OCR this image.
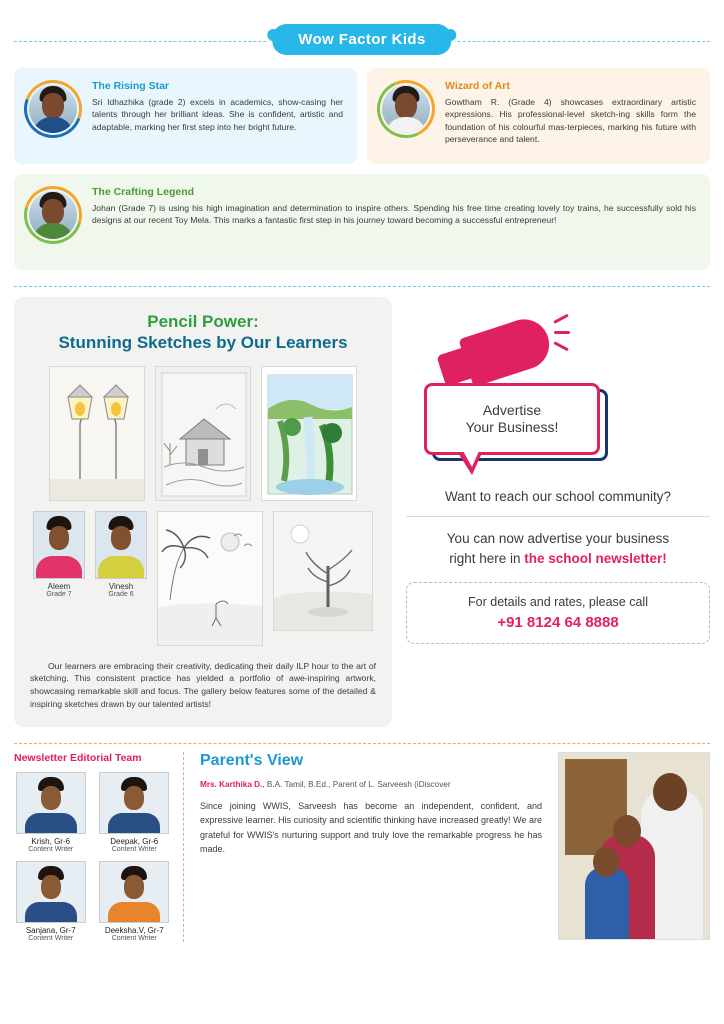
Wow Factor Kids
The Rising Star

Sri Idhazhika (grade 2) excels in academics, show-casing her talents through her brilliant ideas. She is confident, artistic and adaptable, marking her first step into her bright future.

Wizard of Art

Gowtham R. (Grade 4) showcases extraordinary artistic expressions. His professional-level sketch-ing skills form the foundation of his colourful mas-terpieces, marking his future with perseverance and talent.

The Crafting Legend

Johan (Grade 7) is using his high imagination and determination to inspire others. Spending his free time creating lovely toy trains, he successfully sold his designs at our recent Toy Mela. This marks a fantastic first step in his journey toward becoming a successful entrepreneur!

Pencil Power:
Stunning Sketches by Our Learners
Aleem
Grade 7
Vinesh
Grade 6

Our learners are embracing their creativity, dedicating their daily ILP hour to the art of sketching. This consistent practice has yielded a portfolio of awe-inspiring artwork, showcasing remarkable skill and focus. The gallery below features some of the detailed & inspiring sketches drawn by our talented artists!

Advertise
Your Business!
Want to reach our school community?
You can now advertise your business
right here in the school newsletter!
For details and rates, please call
+91 8124 64 8888
Newsletter Editorial Team
Krish, Gr-6
Content Writer
Deepak, Gr-6
Content Writer
Sanjana, Gr-7
Content Writer
Deeksha.V, Gr-7
Content Writer
Parent's View
Mrs. Karthika D., B.A. Tamil, B.Ed., Parent of L. Sarveesh (iDiscover

Since joining WWIS, Sarveesh has become an independent, confident, and expressive learner. His curiosity and scientific thinking have increased greatly! We are grateful for WWIS's nurturing support and truly love the remarkable progress he has made.
